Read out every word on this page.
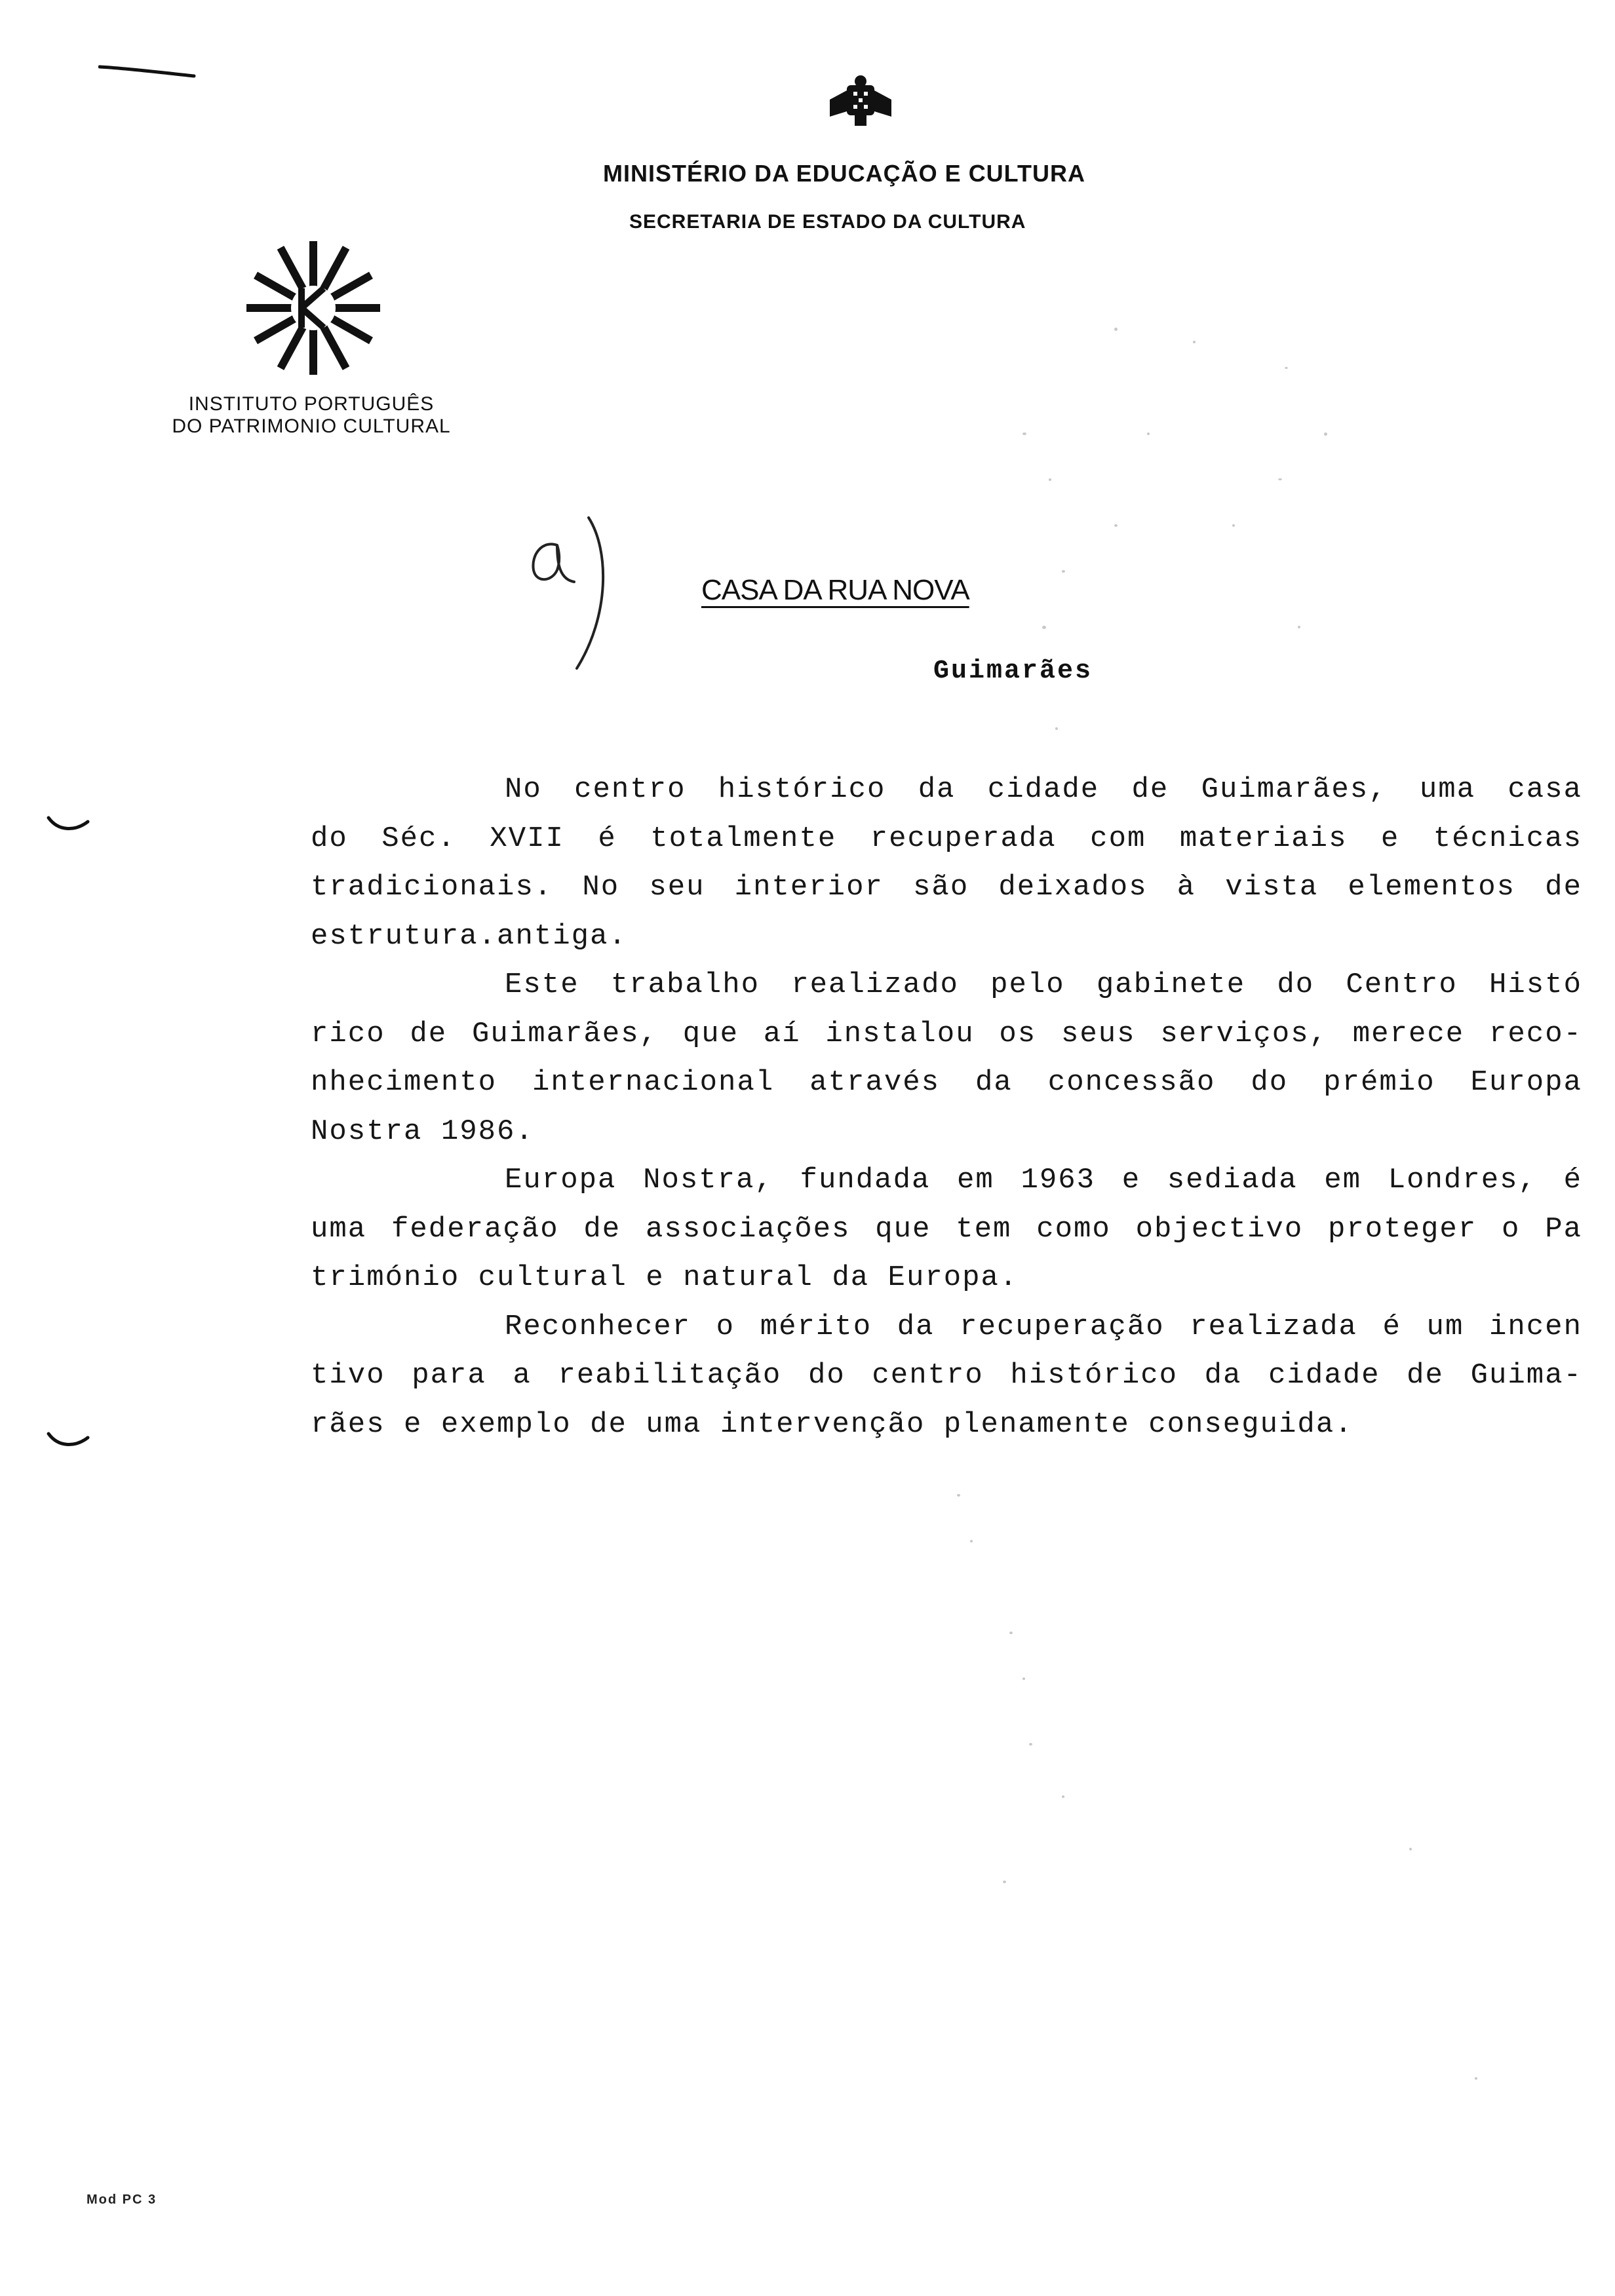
MINISTÉRIO DA EDUCAÇÃO E CULTURA
SECRETARIA DE ESTADO DA CULTURA
INSTITUTO PORTUGUÊS
DO PATRIMONIO CULTURAL
a)
CASA DA RUA NOVA
Guimarães
No centro histórico da cidade de Guimarães, uma casa
do Séc. XVII é totalmente recuperada com materiais e técnicas
tradicionais. No seu interior são deixados à vista elementos de
estrutura.antiga.
Este trabalho realizado pelo gabinete do Centro Histó
rico de Guimarães, que aí instalou os seus serviços, merece reco-
nhecimento internacional através da concessão do prémio Europa
Nostra 1986.
Europa Nostra, fundada em 1963 e sediada em Londres, é
uma federação de associações que tem como objectivo proteger o Pa
trimónio cultural e natural da Europa.
Reconhecer o mérito da recuperação realizada é um incen
tivo para a reabilitação do centro histórico da cidade de Guima-
rães e exemplo de uma intervenção plenamente conseguida.
Mod PC 3
